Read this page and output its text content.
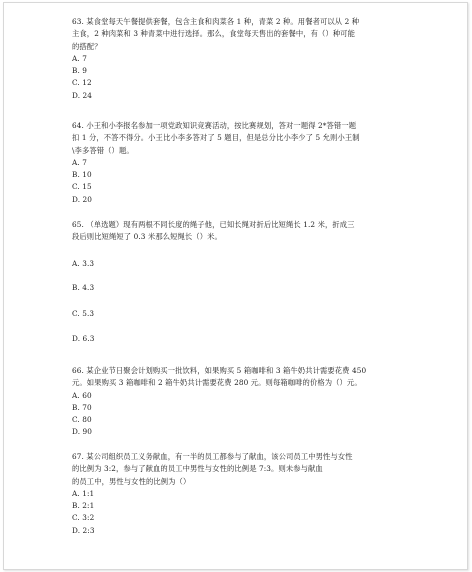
63. 某食堂每天午餐提供套餐，包含主食和肉菜各 1 种，青菜 2 种。用餐者可以从 2 种

主食，2 种肉菜和 3 种青菜中进行选择。那么，食堂每天售出的套餐中，有（）种可能

的搭配？

A. 7

B. 9

C. 12

D. 24

64. 小王和小李报名参加一项党政知识竞赛活动，按比赛规划，答对一题得 2*答错一题

扣 1 分，不答不得分。小王比小李多答对了 5 题目，但是总分比小李少了 5 允则小王制

\李多答错（）题。

A. 7

B. 10

C. 15

D. 20

65. （单选题）现有两根不同长度的绳子他，已知长绳对折后比短绳长 1.2 米，折成三

段后则比短绳短了 0.3 米那么短绳长（）米。

A. 3.3

B. 4.3

C. 5.3

D. 6.3

66. 某企业节日聚会计划购买一批饮料，如果购买 5 箱咖啡和 3 箱牛奶共计需要花费 450

元。如果购买 3 箱咖啡和 2 箱牛奶共计需要花费 280 元。则每箱咖啡的价格为（）元。

A. 60

B. 70

C. 80

D. 90

67. 某公司组织员工义务献血，有一半的员工都参与了献血，该公司员工中男性与女性

的比例为 3:2，参与了献血的员工中男性与女性的比例是 7:3。则未参与献血

的员工中，男性与女性的比例为（）

A. 1:1

B. 2:1

C. 3:2

D. 2:3
